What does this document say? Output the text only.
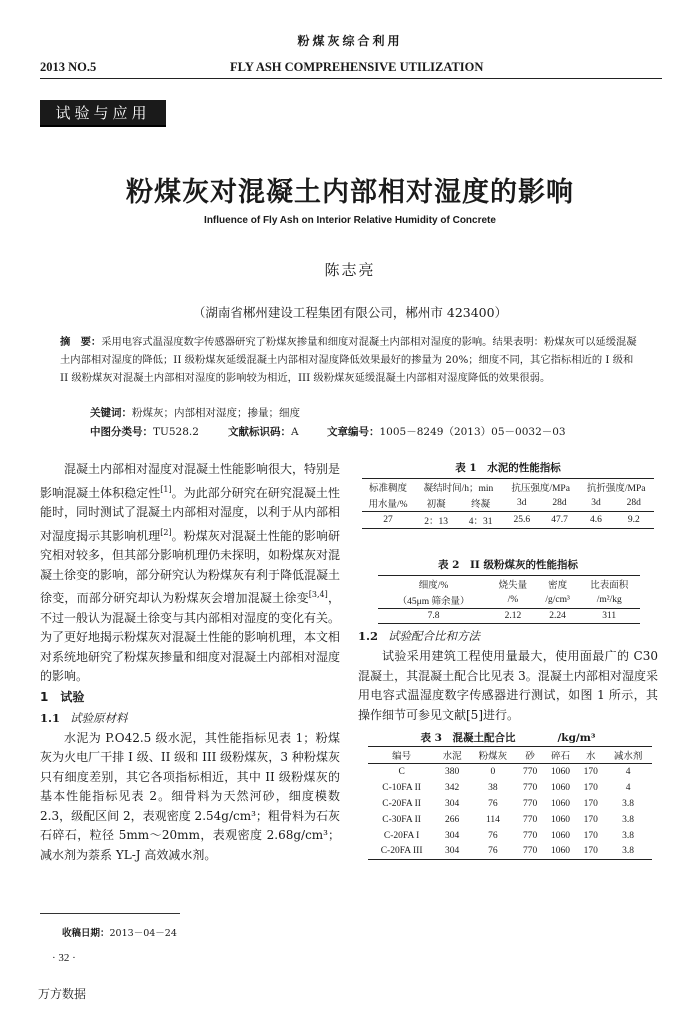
粉煤灰综合利用
2013 NO.5	FLY ASH COMPREHENSIVE UTILIZATION
试验与应用
粉煤灰对混凝土内部相对湿度的影响
Influence of Fly Ash on Interior Relative Humidity of Concrete
陈志亮
（湖南省郴州建设工程集团有限公司，郴州市 423400）
摘　要：采用电容式温湿度数字传感器研究了粉煤灰掺量和细度对混凝土内部相对湿度的影响。结果表明：粉煤灰可以延缓混凝土内部相对湿度的降低；II 级粉煤灰延缓混凝土内部相对湿度降低效果最好的掺量为 20%；细度不同，其它指标相近的 I 级和 II 级粉煤灰对混凝土内部相对湿度的影响较为相近，III 级粉煤灰延缓混凝土内部相对湿度降低的效果很弱。
关键词：粉煤灰；内部相对湿度；掺量；细度
中图分类号：TU528.2	文献标识码：A	文章编号：1005－8249（2013）05－0032－03

混凝土内部相对湿度对混凝土性能影响很大，特别是影响混凝土体积稳定性[1]。为此部分研究在研究混凝土性能时，同时测试了混凝土内部相对湿度，以利于从内部相对湿度揭示其影响机理[2]。粉煤灰对混凝土性能的影响研究相对较多，但其部分影响机理仍未探明，如粉煤灰对混凝土徐变的影响，部分研究认为粉煤灰有利于降低混凝土徐变，而部分研究却认为粉煤灰会增加混凝土徐变[3,4]，不过一般认为混凝土徐变与其内部相对湿度的变化有关。为了更好地揭示粉煤灰对混凝土性能的影响机理，本文相对系统地研究了粉煤灰掺量和细度对混凝土内部相对湿度的影响。

1　试验
1.1 试验原材料

水泥为 P.O42.5 级水泥，其性能指标见表 1；粉煤灰为火电厂干排 I 级、II 级和 III 级粉煤灰，3 种粉煤灰只有细度差别，其它各项指标相近，其中 II 级粉煤灰的基本性能指标见表 2。细骨料为天然河砂，细度模数 2.3，级配区间 2，表观密度 2.54g/cm³；粗骨料为石灰石碎石，粒径 5mm～20mm，表观密度 2.68g/cm³；减水剂为萘系 YL-J 高效减水剂。

表 1　水泥的性能指标
标准稠度	凝结时间/h；min		抗压强度/MPa		抗折强度/MPa	
用水量/%	初凝	终凝	3d	28d	3d	28d
27	2：13	4：31	25.6	47.7	4.6	9.2
表 2　II 级粉煤灰的性能指标
细度/%	烧失量	密度	比表面积
（45μm 筛余量）	/%	/g/cm³	/m²/kg
7.8	2.12	2.24	311
1.2 试验配合比和方法

试验采用建筑工程使用量最大，使用面最广的 C30 混凝土，其混凝土配合比见表 3。混凝土内部相对湿度采用电容式温湿度数字传感器进行测试，如图 1 所示，其操作细节可参见文献[5]进行。

表 3　混凝土配合比　　　　/kg/m³
编号	水泥	粉煤灰	砂	碎石	水	减水剂
C	380	0	770	1060	170	4
C-10FA II	342	38	770	1060	170	4
C-20FA II	304	76	770	1060	170	3.8
C-30FA II	266	114	770	1060	170	3.8
C-20FA I	304	76	770	1060	170	3.8
C-20FA III	304	76	770	1060	170	3.8
收稿日期：2013－04－24
· 32 ·
万方数据
